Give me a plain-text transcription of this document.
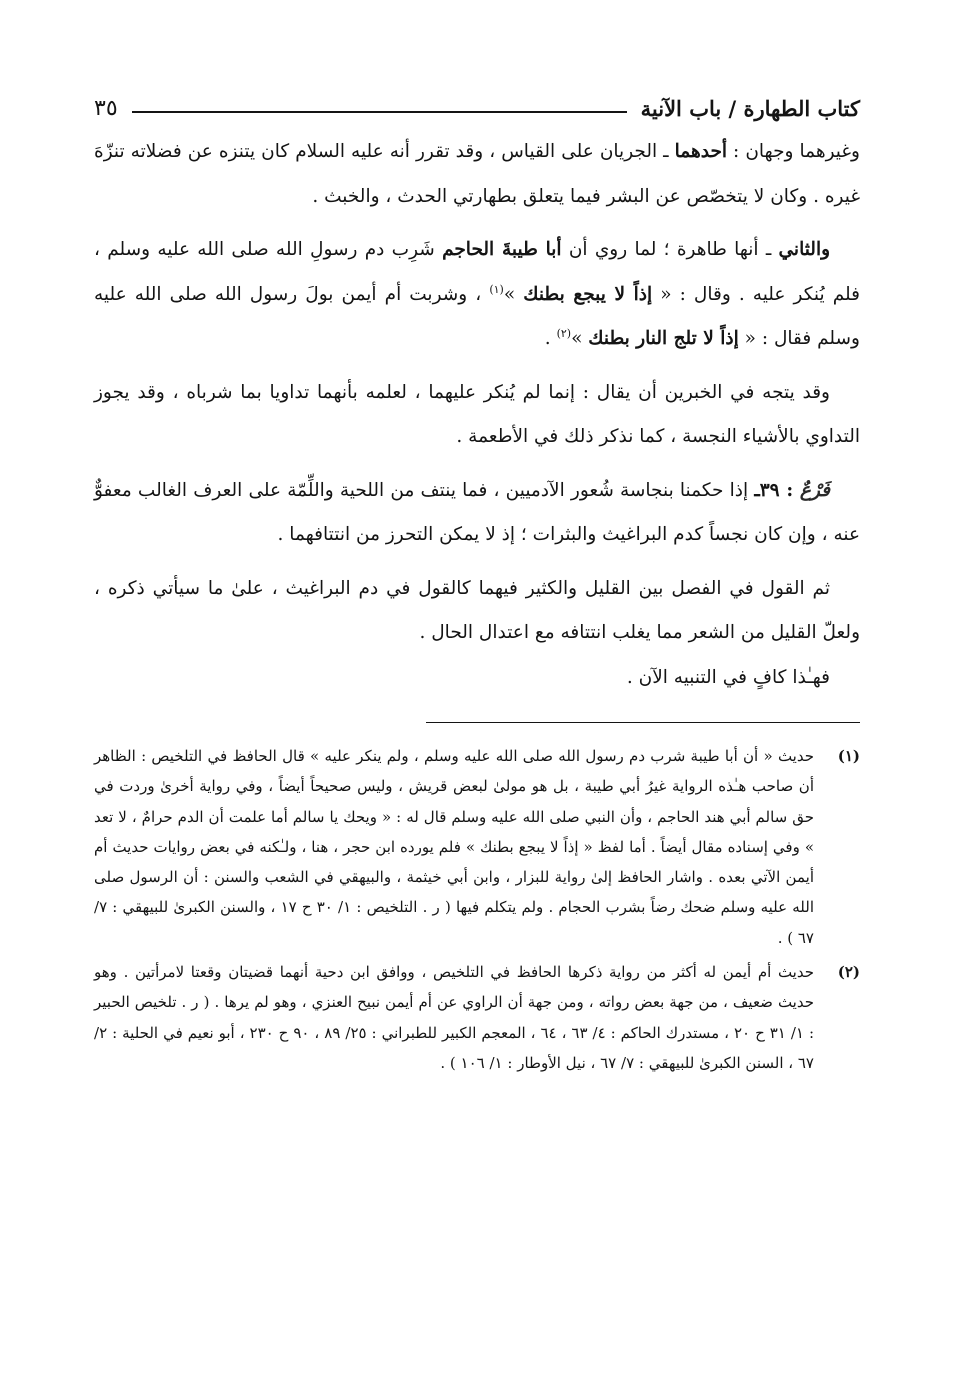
كتاب الطهارة / باب الآنية
٣٥

وغيرهما وجهان : أحدهما ـ الجريان على القياس ، وقد تقرر أنه عليه السلام كان يتنزه عن فضلاته تنزّهَ غيره . وكان لا يتخصّص عن البشر فيما يتعلق بطهارتي الحدث ، والخبث .

والثاني ـ أنها طاهرة ؛ لما روي أن أبا طيبةَ الحاجم شَرِب دم رسولِ الله صلى الله عليه وسلم ، فلم يُنكر عليه . وقال : « إذاً لا يبجع بطنك »$^{(١)}$ ، وشربت أم أيمن بولَ رسول الله صلى الله عليه وسلم فقال : « إذاً لا تلج النار بطنك »$^{(٢)}$ .

وقد يتجه في الخبرين أن يقال : إنما لم يُنكر عليهما ، لعلمه بأنهما تداويا بما شرباه ، وقد يجوز التداوي بالأشياء النجسة ، كما نذكر ذلك في الأطعمة .

فَرْعٌ : ٣٩ـ إذا حكمنا بنجاسة شُعور الآدميين ، فما ينتف من اللحية واللِّمّة على العرف الغالب معفوٌّ عنه ، وإن كان نجساً كدم البراغيث والبثرات ؛ إذ لا يمكن التحرز من انتتافهما .

ثم القول في الفصل بين القليل والكثير فيهما كالقول في دم البراغيث ، علىٰ ما سيأتي ذكره ، ولعلّ القليل من الشعر مما يغلب انتتافه مع اعتدال الحال .

فهـٰذا كافٍ في التنبيه الآن .

(١)
حديث « أن أبا طيبة شرب دم رسول الله صلى الله عليه وسلم ، ولم ينكر عليه » قال الحافظ في التلخيص : الظاهر أن صاحب هـٰذه الرواية غيرُ أبي طيبة ، بل هو مولىٰ لبعض قريش ، وليس صحيحاً أيضاً ، وفي رواية أخرىٰ وردت في حق سالم أبي هند الحاجم ، وأن النبي صلى الله عليه وسلم قال له : « ويحك يا سالم أما علمت أن الدم حرامٌ ، لا تعد » وفي إسناده مقال أيضاً . أما لفظ « إذاً لا يبجع بطنك » فلم يورده ابن حجر ، هنا ، ولـٰكنه في بعض روايات حديث أم أيمن الآتي بعده . واشار الحافظ إلىٰ رواية للبزار ، وابن أبي خيثمة ، والبيهقي في الشعب والسنن : أن الرسول صلى الله عليه وسلم ضحك رضاً بشرب الحجام . ولم يتكلم فيها ( ر . التلخيص : ١/ ٣٠ ح ١٧ ، والسنن الكبرىٰ للبيهقي : ٧/ ٦٧ ) .
(٢)
حديث أم أيمن له أكثر من رواية ذكرها الحافظ في التلخيص ، ووافق ابن دحية أنهما قضيتان وقعتا لامرأتين . وهو حديث ضعيف ، من جهة بعض رواته ، ومن جهة أن الراوي عن أم أيمن نبيح العنزي ، وهو لم يرها . ( ر . تلخيص الحبير : ١/ ٣١ ح ٢٠ ، مستدرك الحاكم : ٤/ ٦٣ ، ٦٤ ، المعجم الكبير للطبراني : ٢٥/ ٨٩ ، ٩٠ ح ٢٣٠ ، أبو نعيم في الحلية : ٢/ ٦٧ ، السنن الكبرىٰ للبيهقي : ٧/ ٦٧ ، نيل الأوطار : ١/ ١٠٦ ) .
